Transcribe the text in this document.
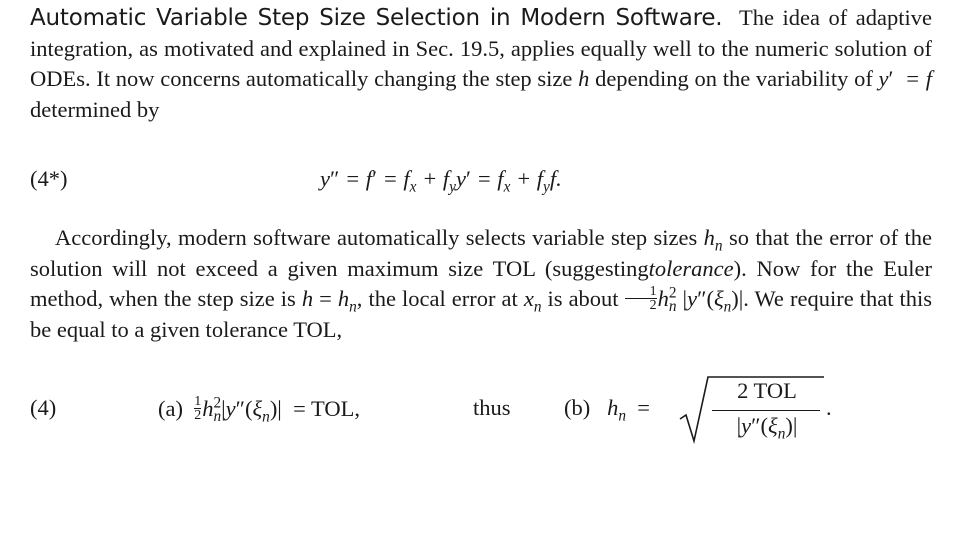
Automatic Variable Step Size Selection in Modern Software. The idea of adaptive integration, as motivated and explained in Sec. 19.5, applies equally well to the numeric solution of ODEs. It now concerns automatically changing the step size h depending on the variability of y′  = f determined by
(4*)	$y'' = f' = f_x + f_yy' = f_x + f_yf$.
Accordingly, modern software automatically selects variable step sizes $h_n$ so that the error of the solution will not exceed a given maximum size TOL (suggestingtolerance). Now for the Euler method, when the step size is $h = h_n$, the local error at $x_n$ is about $\frac{1}{2} h^2_n$ $|y''(\xi_n)|$. We require that this be equal to a given tolerance TOL,
(4)	$(a) \frac{1}{2} h^2_n|y''(\xi_n)|$  = TOL,	thus (b) $h_n$  =
2 TOL
$|y''(\xi_n)|$
.
